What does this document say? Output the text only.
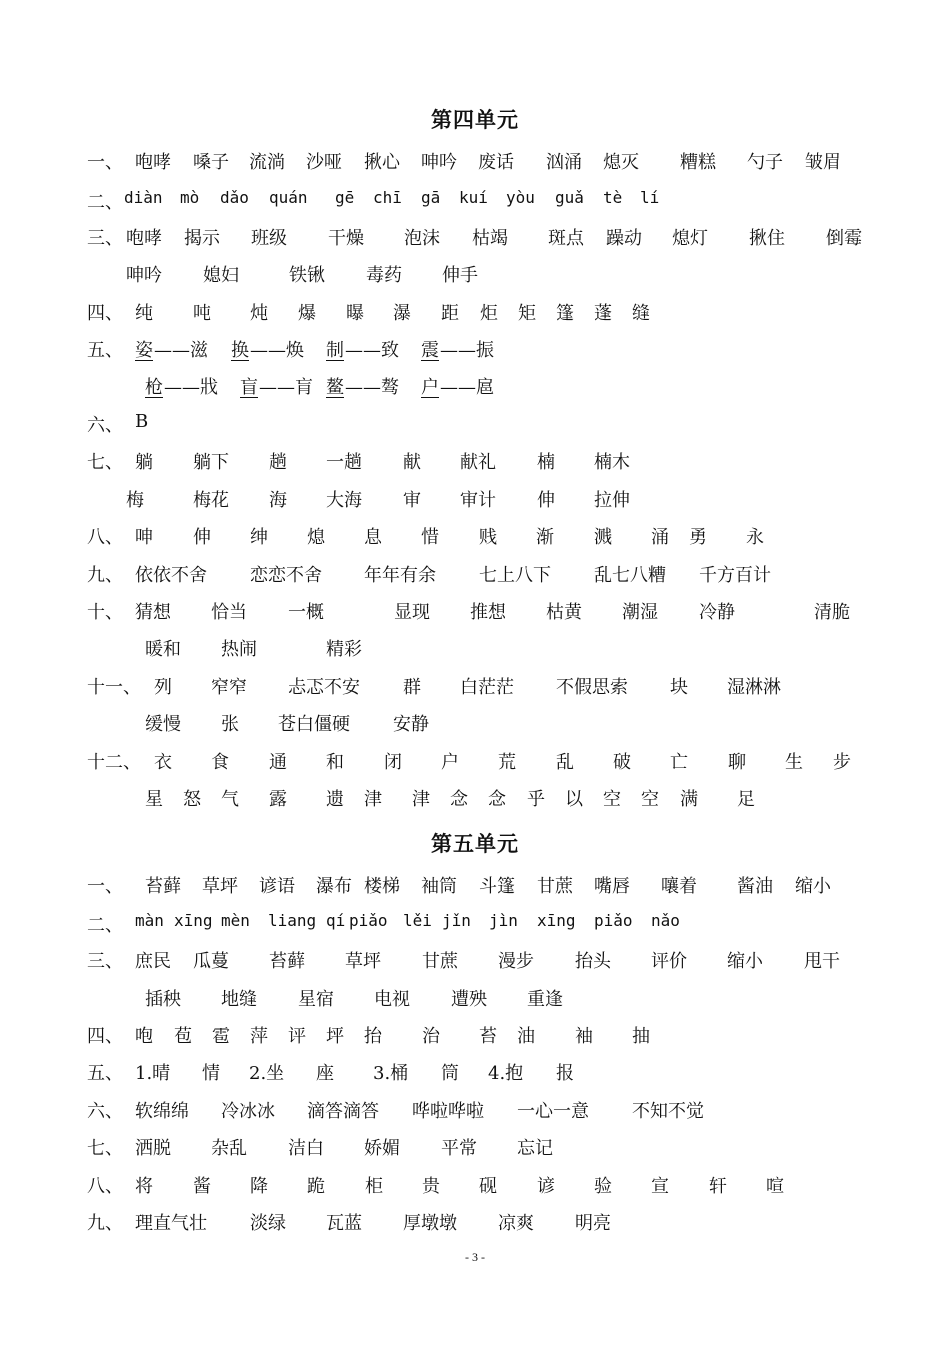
第四单元
一、 咆哮 嗓子 流淌 沙哑 揪心 呻吟 废话 汹涌 熄灭 糟糕 勺子 皱眉
二、 diàn mò dǎo quán gē chī gā kuí yòu guǎ tè lí
三、 咆哮 揭示 班级 干燥 泡沫 枯竭 斑点 躁动 熄灯 揪住 倒霉
呻吟 媳妇	铁锹 毒药 伸手
四、 纯 吨 炖 爆 曝 瀑 距 炬 矩 篷 蓬 缝
五、 姿 ——滋 换 ——焕 制 ——致 震 ——振
枪 ——戕 盲 ——肓 鳌 ——骜 户 ——扈
六、 B
七、 躺 躺下 趟 一趟 献 献礼 楠 楠木
梅	梅花 海 大海 审 审计 伸 拉伸
八、 呻 伸 绅 熄 息 惜 贱 渐 溅 涌 勇 永
九、 依依不舍 恋恋不舍 年年有余 七上八下 乱七八糟 千方百计
十、 猜想 恰当 一概	显现 推想 枯黄 潮湿 冷静	清脆
暖和 热闹	精彩
十一、 列 窄窄 忐忑不安 群 白茫茫 不假思索 块 湿淋淋
缓慢 张 苍白僵硬 安静
十二、 衣 食 通 和 闭 户 荒 乱 破 亡 聊 生 步
星 怒 气 露 遗 津 津 念 念 乎 以 空 空 满 足
第五单元
一、 苔藓 草坪 谚语 瀑布 楼梯 袖筒 斗篷 甘蔗 嘴唇 嚷着 酱油 缩小
二、 màn xīng mèn liang qí piǎo lěi jǐn jìn xīng piǎo nǎo
三、 庶民 瓜蔓 苔藓 草坪 甘蔗 漫步 抬头 评价 缩小 甩干
插秧 地缝 星宿 电视 遭殃 重逢
四、 咆 苞 雹 萍 评 坪 抬 治 苔 油 袖 抽
五、 1.晴 情 2.坐 座 3.桶 筒 4.抱 报
六、 软绵绵 冷冰冰 滴答滴答 哗啦哗啦 一心一意 不知不觉
七、 洒脱 杂乱 洁白 娇媚 平常 忘记
八、 将 酱 降 跪 柜 贵 砚 谚 验 宣 轩 喧
九、 理直气壮 淡绿 瓦蓝 厚墩墩 凉爽 明亮
- 3 -
